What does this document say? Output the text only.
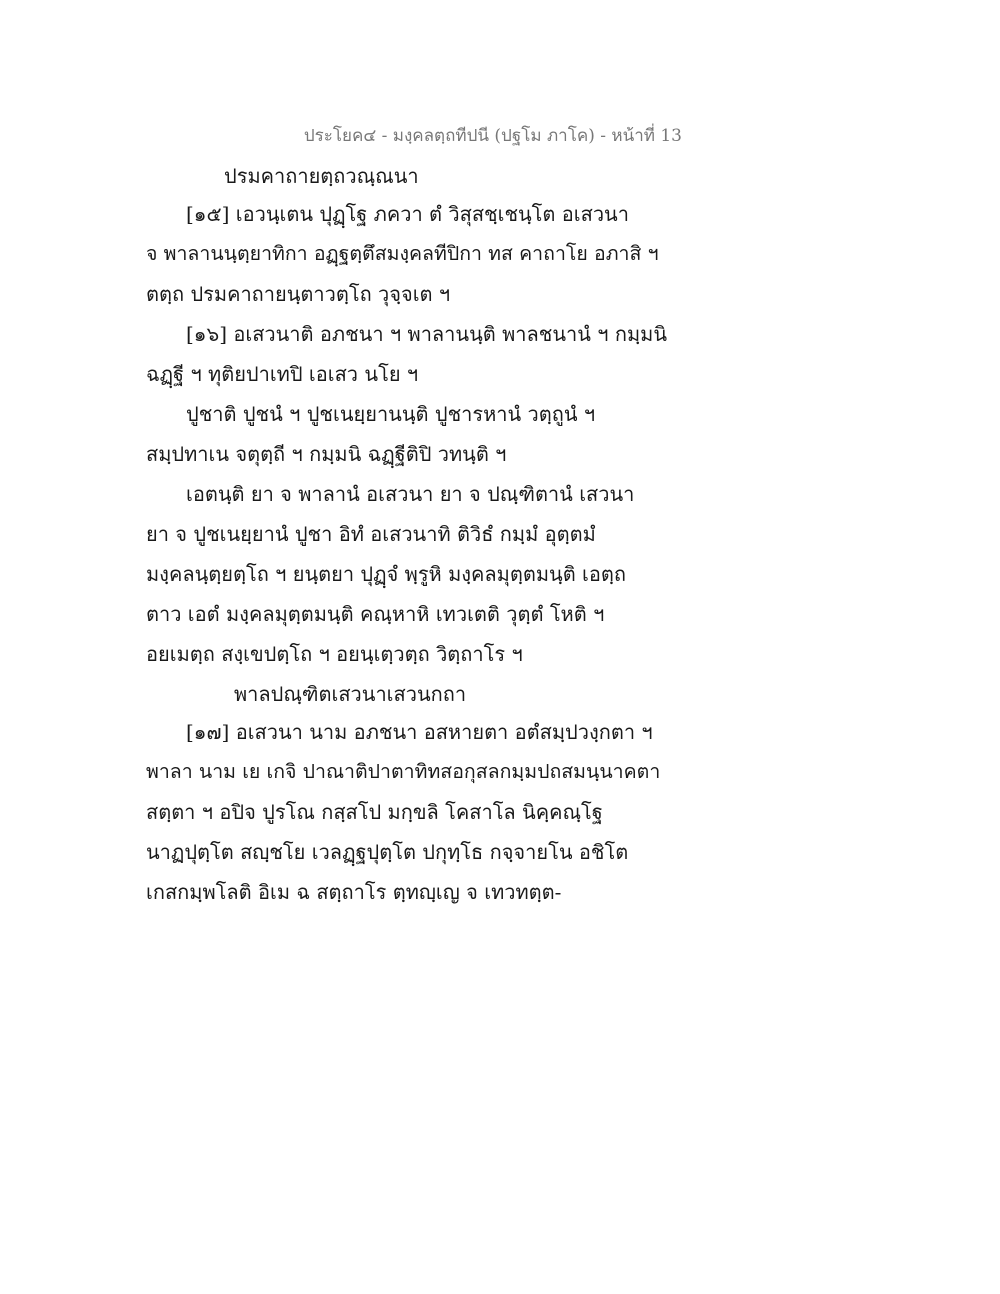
ประโยค๔ - มงฺคลตฺถทีปนี (ปฐโม ภาโค) - หน้าที่ 13
ปรมคาถายตฺถวณฺณนา
[๑๕] เอวนฺเตน ปุฏฺโฐ ภควา ตํ วิสุสชฺเชนฺโต อเสวนา
จ พาลานนฺตฺยาทิกา อฏฺฐตฺตึสมงฺคลทีปิกา ทส คาถาโย อภาสิ ฯ
ตตฺถ ปรมคาถายนฺตาวตฺโถ วุจฺจเต ฯ
[๑๖] อเสวนาติ อภชนา ฯ พาลานนฺติ พาลชนานํ ฯ กมฺมนิ
ฉฏฺฐี ฯ ทุติยปาเทปิ เอเสว นโย ฯ
ปูชาติ ปูชนํ ฯ ปูชเนยฺยานนฺติ ปูชารหานํ วตฺถูนํ ฯ
สมฺปทาเน จตุตฺถี ฯ กมฺมนิ ฉฏฺฐีติปิ วทนฺติ ฯ
เอตนฺติ ยา จ พาลานํ อเสวนา ยา จ ปณฺฑิตานํ เสวนา
ยา จ ปูชเนยฺยานํ ปูชา อิทํ อเสวนาทิ ติวิธํ กมฺมํ อุตฺตมํ
มงฺคลนฺตฺยตฺโถ ฯ ยนฺตยา ปุฏฺจํ พฺรูหิ มงฺคลมุตฺตมนฺติ เอตฺถ
ตาว เอตํ มงฺคลมุตฺตมนฺติ คณฺหาหิ เทวเตติ วุตฺตํ โหติ ฯ
อยเมตฺถ สงฺเขปตฺโถ ฯ อยนฺเตฺวตฺถ วิตฺถาโร ฯ
พาลปณฺฑิตเสวนาเสวนกถา
[๑๗] อเสวนา นาม อภชนา อสหายตา อตํสมฺปวงฺกตา ฯ
พาลา นาม เย เกจิ ปาณาติปาตาทิทสอกุสลกมฺมปถสมนฺนาคตา
สตฺตา ฯ อปิจ ปูรโณ กสฺสโป มกฺขลิ โคสาโล นิคฺคณฺโฐ
นาฏปุตฺโต สญฺชโย เวลฏฺฐปุตฺโต ปกุทฺโธ กจฺจายโน อชิโต
เกสกมฺพโลติ อิเม ฉ สตฺถาโร ตฺทญฺเญ จ เทวทตฺต-
